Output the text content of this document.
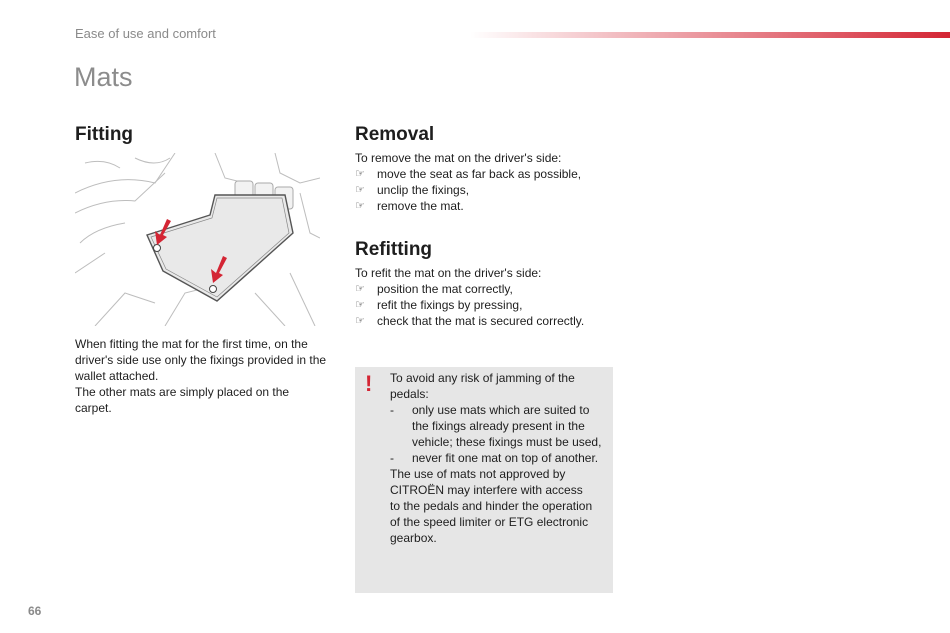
Ease of use and comfort
Mats
Fitting	Removal
Refitting

When fitting the mat for the first time, on the
driver's side use only the fixings provided in the
wallet attached.
The other mats are simply placed on the
carpet.

To remove the mat on the driver's side:
☞ move the seat as far back as possible,
☞ unclip the fixings,
☞ remove the mat.
To refit the mat on the driver's side:
☞ position the mat correctly,
☞ refit the fixings by pressing,
☞ check that the mat is secured correctly.
! To avoid any risk of jamming of the
pedals:

- only use mats which are suited to
the fixings already present in the
vehicle; these fixings must be used,
- never fit one mat on top of another.

The use of mats not approved by
CITROËN may interfere with access
to the pedals and hinder the operation
of the speed limiter or ETG electronic
gearbox.

66
